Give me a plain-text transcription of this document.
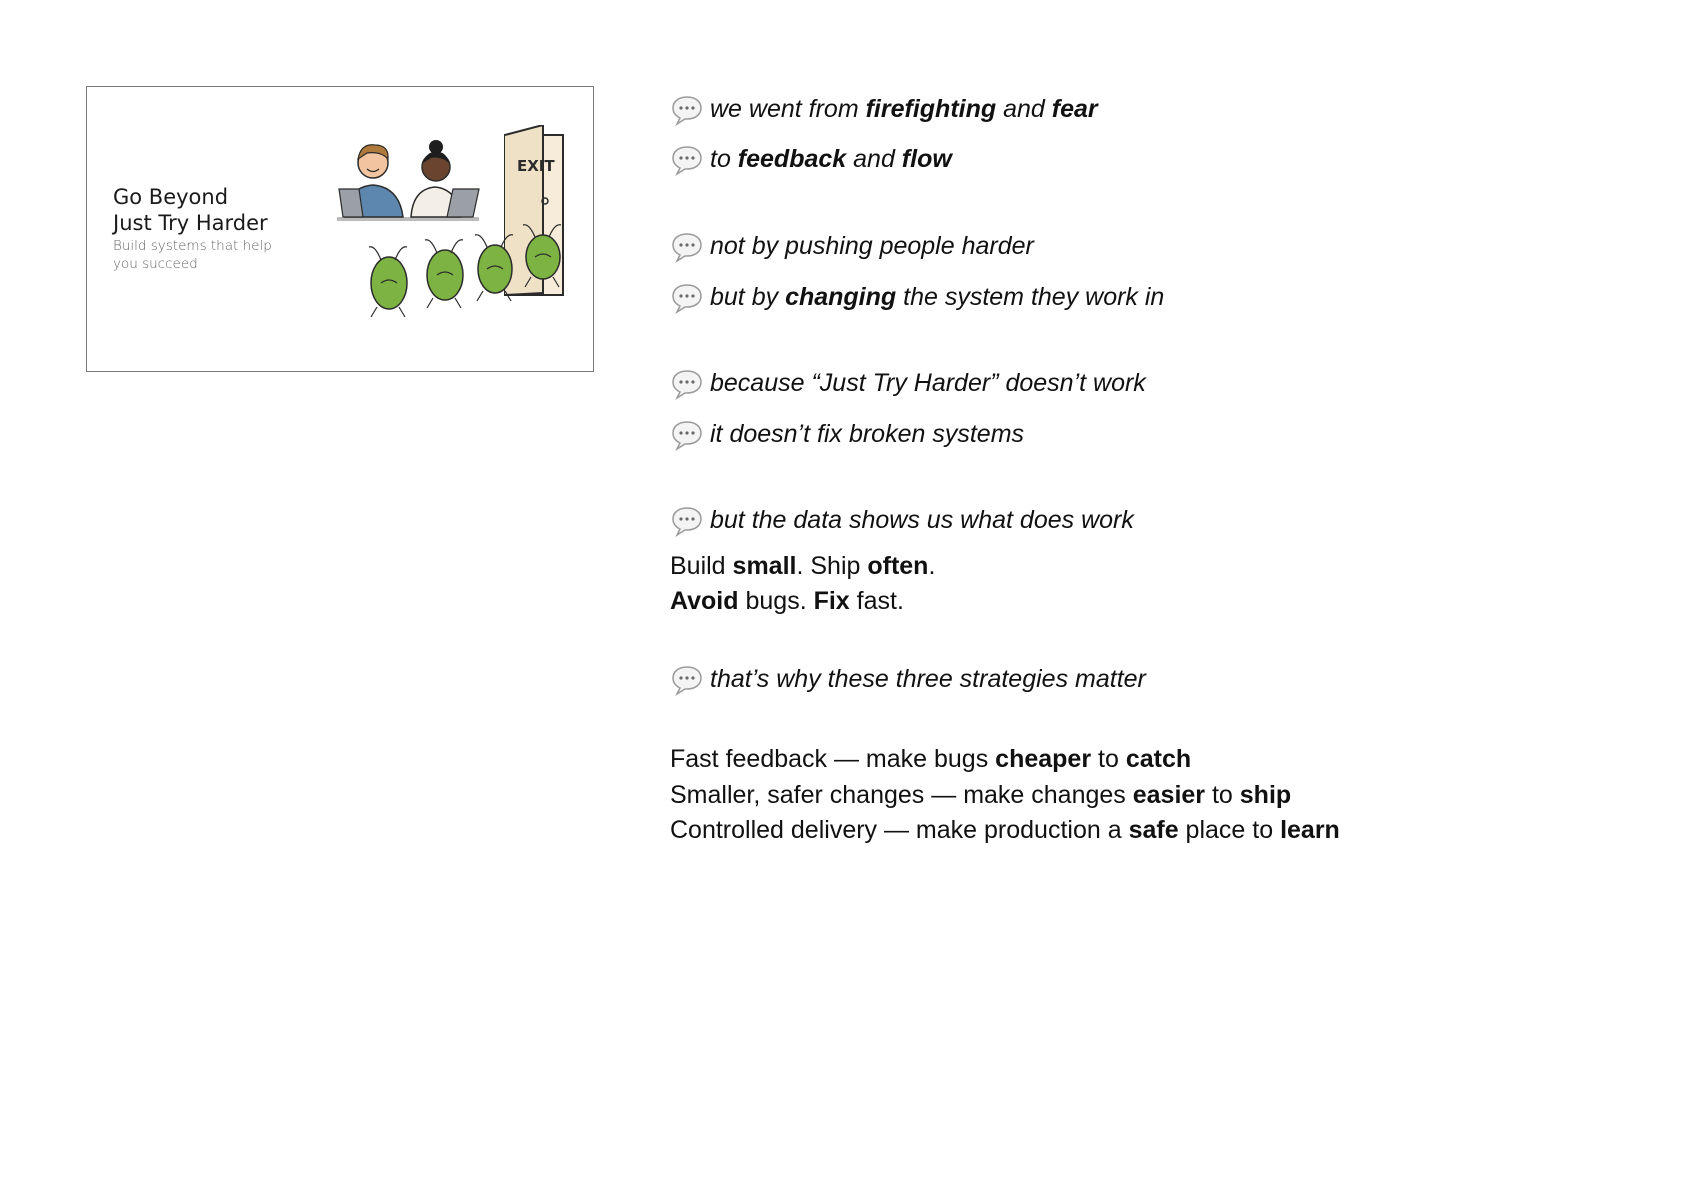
Go Beyond
Just Try Harder
Build systems that help you succeed
EXIT
we went from firefighting and fear
to feedback and flow
not by pushing people harder
but by changing the system they work in
because “Just Try Harder” doesn’t work
it doesn’t fix broken systems
but the data shows us what does work
Build small. Ship often.
Avoid bugs. Fix fast.
that’s why these three strategies matter
Fast feedback — make bugs cheaper to catch
Smaller, safer changes — make changes easier to ship
Controlled delivery — make production a safe place to learn
